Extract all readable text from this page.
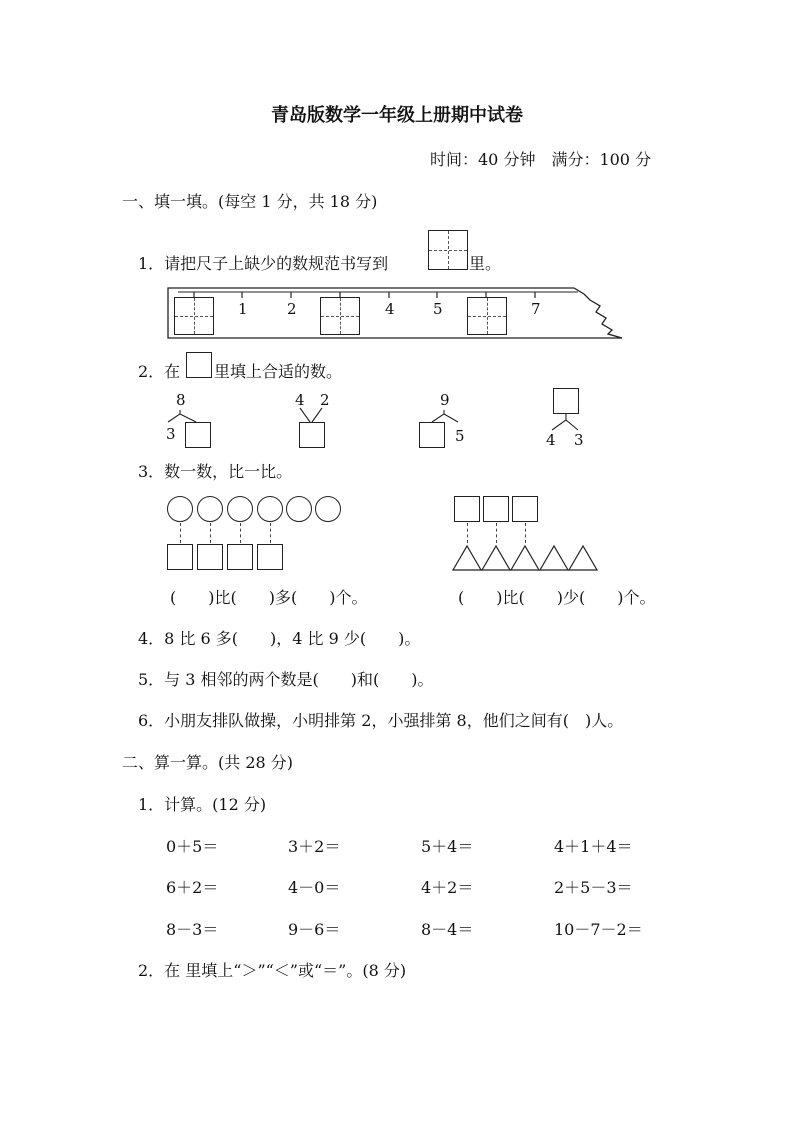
青岛版数学一年级上册期中试卷
时间：40 分钟　满分：100 分
一、填一填。(每空 1 分，共 18 分)
1．请把尺子上缺少的数规范书写到	里。
1	2	4	5	7
2．在 里填上合适的数。
8
3
4 2	9
5	4 3
3．数一数，比一比。
(　　)比(　　)多(　　)个。	(　　)比(　　)少(　　)个。
4．8 比 6 多(　　)，4 比 9 少(　　)。
5．与 3 相邻的两个数是(　　)和(　　)。
6．小朋友排队做操，小明排第 2，小强排第 8，他们之间有(　)人。
二、算一算。(共 28 分)
1．计算。(12 分)
0＋5＝	3＋2＝	5＋4＝	4＋1＋4＝
6＋2＝	4－0＝	4＋2＝	2＋5－3＝
8－3＝	9－6＝	8－4＝	10－7－2＝
2．在 里填上“＞”“＜”或“＝”。(8 分)
